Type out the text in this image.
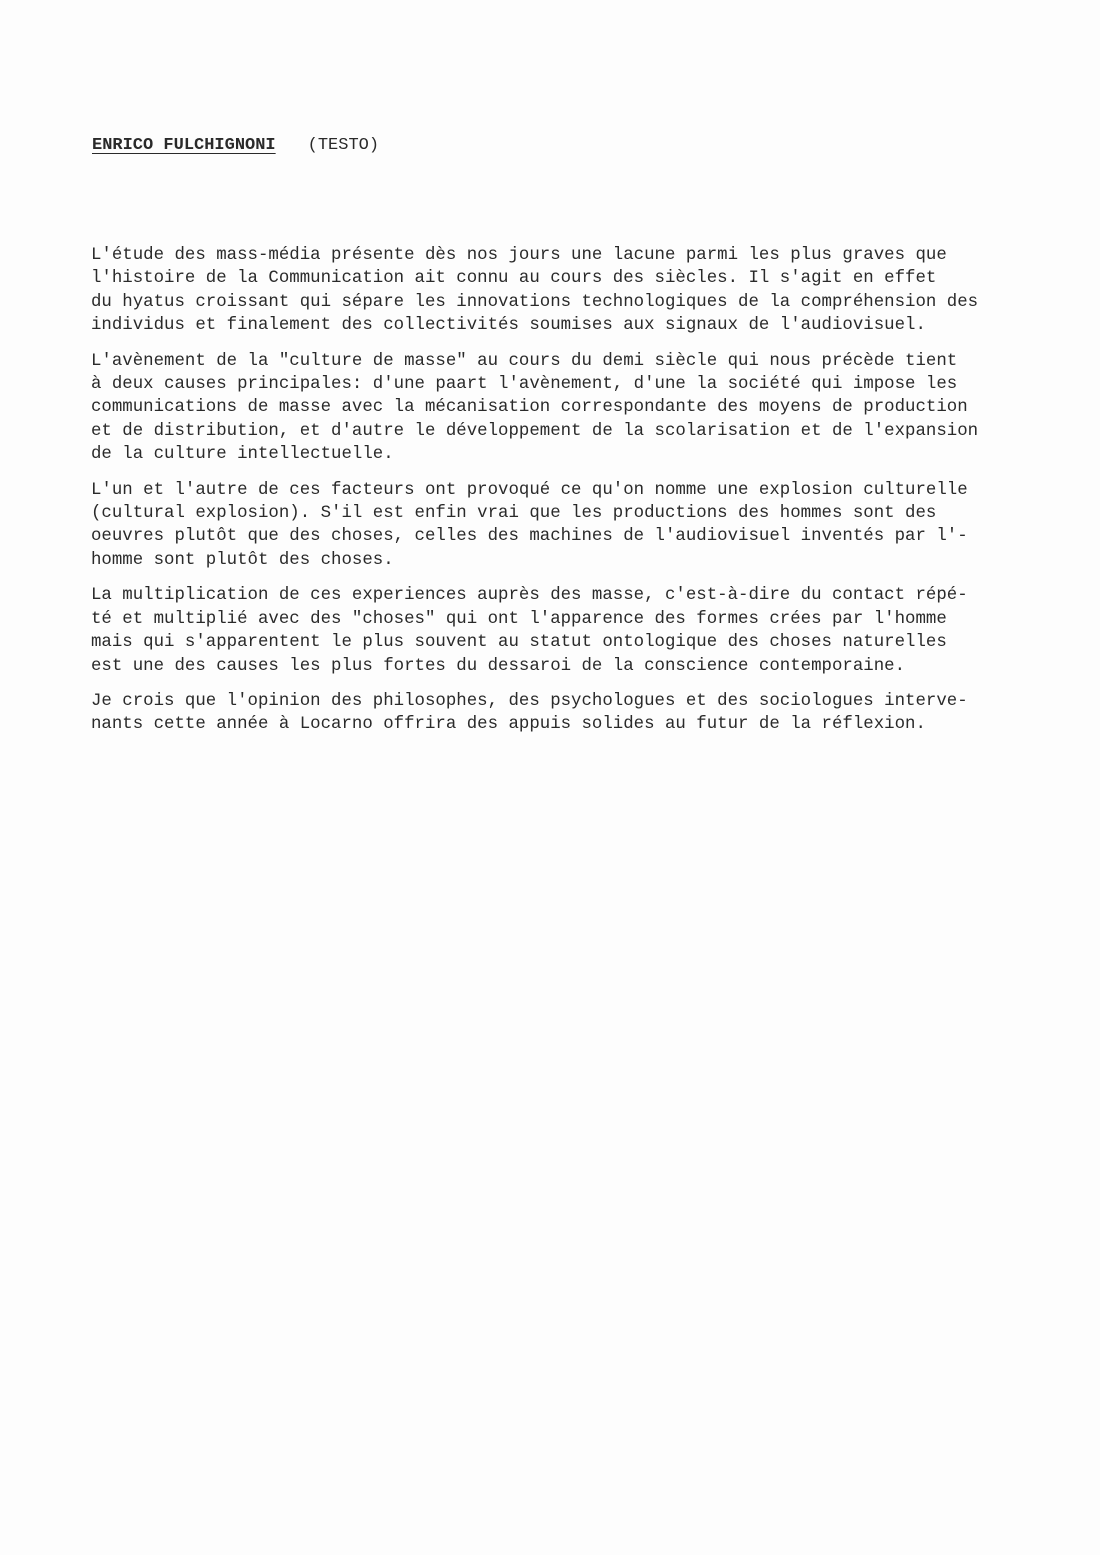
ENRICO FULCHIGNONI (TESTO)

L'étude des mass-média présente dès nos jours une lacune parmi les plus graves que
l'histoire de la Communication ait connu au cours des siècles. Il s'agit en effet
du hyatus croissant qui sépare les innovations technologiques de la compréhension des
individus et finalement des collectivités soumises aux signaux de l'audiovisuel.

L'avènement de la "culture de masse" au cours du demi siècle qui nous précède tient
à deux causes principales: d'une paart l'avènement, d'une la société qui impose les
communications de masse avec la mécanisation correspondante des moyens de production
et de distribution, et d'autre le développement de la scolarisation et de l'expansion
de la culture intellectuelle.

L'un et l'autre de ces facteurs ont provoqué ce qu'on nomme une explosion culturelle
(cultural explosion). S'il est enfin vrai que les productions des hommes sont des
oeuvres plutôt que des choses, celles des machines de l'audiovisuel inventés par l'-
homme sont plutôt des choses.

La multiplication de ces experiences auprès des masse, c'est-à-dire du contact répé-
té et multiplié avec des "choses" qui ont l'apparence des formes crées par l'homme
mais qui s'apparentent le plus souvent au statut ontologique des choses naturelles
est une des causes les plus fortes du dessaroi de la conscience contemporaine.

Je crois que l'opinion des philosophes, des psychologues et des sociologues interve-
nants cette année à Locarno offrira des appuis solides au futur de la réflexion.
